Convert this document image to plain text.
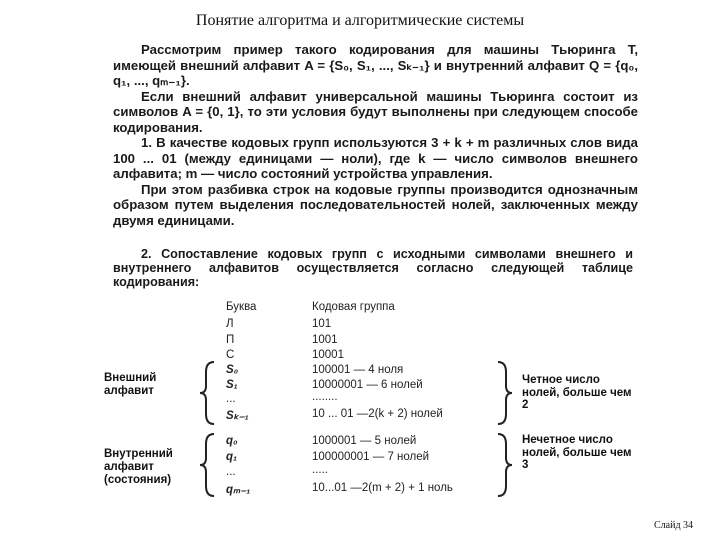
Понятие алгоритма и алгоритмические системы
Рассмотрим пример такого кодирования для машины Тьюринга T, имеющей внешний алфавит A = {S₀, S₁, ..., Sₖ₋₁} и внутренний алфавит Q = {q₀, q₁, ..., qₘ₋₁}.
Если внешний алфавит универсальной машины Тьюринга состоит из символов A = {0, 1}, то эти условия будут выполнены при следующем способе кодирования.
1. В качестве кодовых групп используются 3 + k + m различных слов вида 100 ... 01 (между единицами — ноли), где k — число символов внешнего алфавита; m — число состояний устройства управления.
При этом разбивка строк на кодовые группы производится однозначным образом путем выделения последовательностей нолей, заключенных между двумя единицами.
2. Сопоставление кодовых групп с исходными символами внешнего и внутреннего алфавитов осуществляется согласно следующей таблице кодирования:
Буква	Кодовая группа
Л	101
П	1001
С	10001
S₀	100001 — 4 ноля
S₁	10000001 — 6 нолей
...	........
Sₖ₋₁	10 ... 01 —2(k + 2) нолей
q₀	1000001 — 5 нолей
q₁	100000001 — 7 нолей
...	.....
qₘ₋₁	10...01 —2(m + 2) + 1 ноль
Внешний алфавит
Внутренний алфавит (состояния)
Четное число нолей, больше чем 2
Нечетное число нолей, больше чем 3
Слайд 34
